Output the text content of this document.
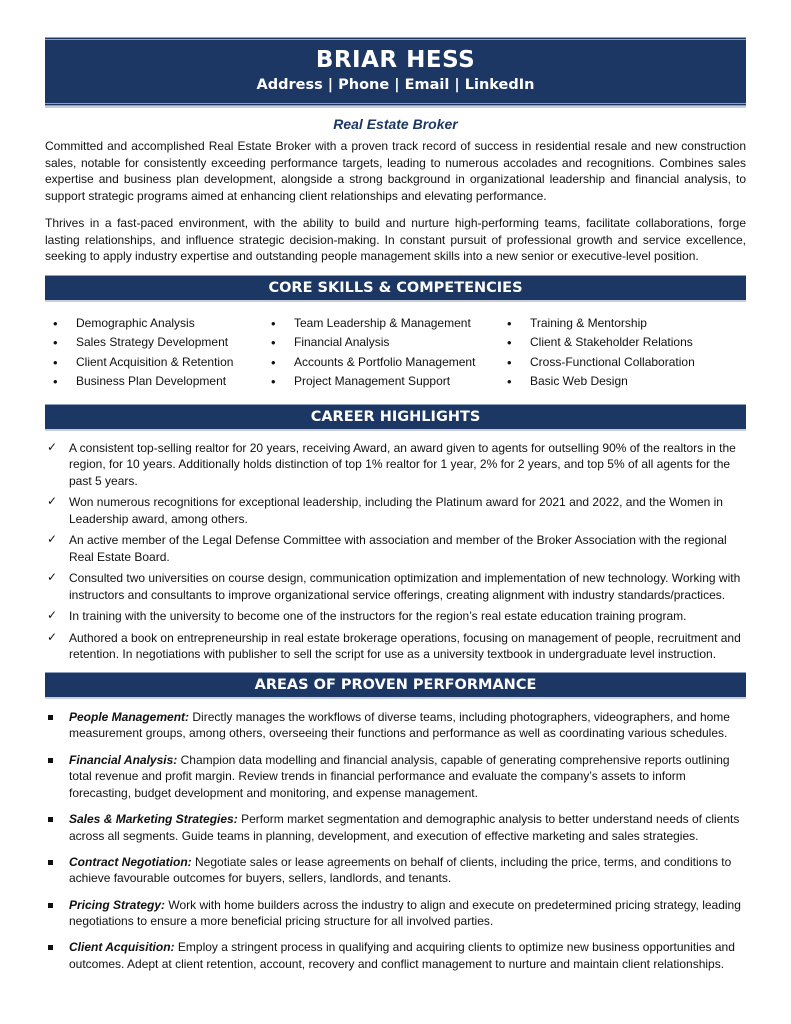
BRIAR HESS
Address | Phone | Email | LinkedIn
Real Estate Broker

Committed and accomplished Real Estate Broker with a proven track record of success in residential resale and new construction sales, notable for consistently exceeding performance targets, leading to numerous accolades and recognitions. Combines sales expertise and business plan development, alongside a strong background in organizational leadership and financial analysis, to support strategic programs aimed at enhancing client relationships and elevating performance.

Thrives in a fast-paced environment, with the ability to build and nurture high-performing teams, facilitate collaborations, forge lasting relationships, and influence strategic decision-making. In constant pursuit of professional growth and service excellence, seeking to apply industry expertise and outstanding people management skills into a new senior or executive-level position.

CORE SKILLS & COMPETENCIES
• Demographic Analysis
• Sales Strategy Development
• Client Acquisition & Retention
• Business Plan Development
• Team Leadership & Management
• Financial Analysis
• Accounts & Portfolio Management
• Project Management Support
• Training & Mentorship
• Client & Stakeholder Relations
• Cross-Functional Collaboration
• Basic Web Design
CAREER HIGHLIGHTS
✓ A consistent top-selling realtor for 20 years, receiving Award, an award given to agents for outselling 90% of the realtors in the region, for 10 years. Additionally holds distinction of top 1% realtor for 1 year, 2% for 2 years, and top 5% of all agents for the past 5 years.
✓ Won numerous recognitions for exceptional leadership, including the Platinum award for 2021 and 2022, and the Women in Leadership award, among others.
✓ An active member of the Legal Defense Committee with association and member of the Broker Association with the regional Real Estate Board.
✓ Consulted two universities on course design, communication optimization and implementation of new technology. Working with instructors and consultants to improve organizational service offerings, creating alignment with industry standards/practices.
✓ In training with the university to become one of the instructors for the region’s real estate education training program.
✓ Authored a book on entrepreneurship in real estate brokerage operations, focusing on management of people, recruitment and retention. In negotiations with publisher to sell the script for use as a university textbook in undergraduate level instruction.
AREAS OF PROVEN PERFORMANCE
People Management: Directly manages the workflows of diverse teams, including photographers, videographers, and home measurement groups, among others, overseeing their functions and performance as well as coordinating various schedules.
Financial Analysis: Champion data modelling and financial analysis, capable of generating comprehensive reports outlining total revenue and profit margin. Review trends in financial performance and evaluate the company’s assets to inform forecasting, budget development and monitoring, and expense management.
Sales & Marketing Strategies: Perform market segmentation and demographic analysis to better understand needs of clients across all segments. Guide teams in planning, development, and execution of effective marketing and sales strategies.
Contract Negotiation: Negotiate sales or lease agreements on behalf of clients, including the price, terms, and conditions to achieve favourable outcomes for buyers, sellers, landlords, and tenants.
Pricing Strategy: Work with home builders across the industry to align and execute on predetermined pricing strategy, leading negotiations to ensure a more beneficial pricing structure for all involved parties.
Client Acquisition: Employ a stringent process in qualifying and acquiring clients to optimize new business opportunities and outcomes. Adept at client retention, account, recovery and conflict management to nurture and maintain client relationships.
